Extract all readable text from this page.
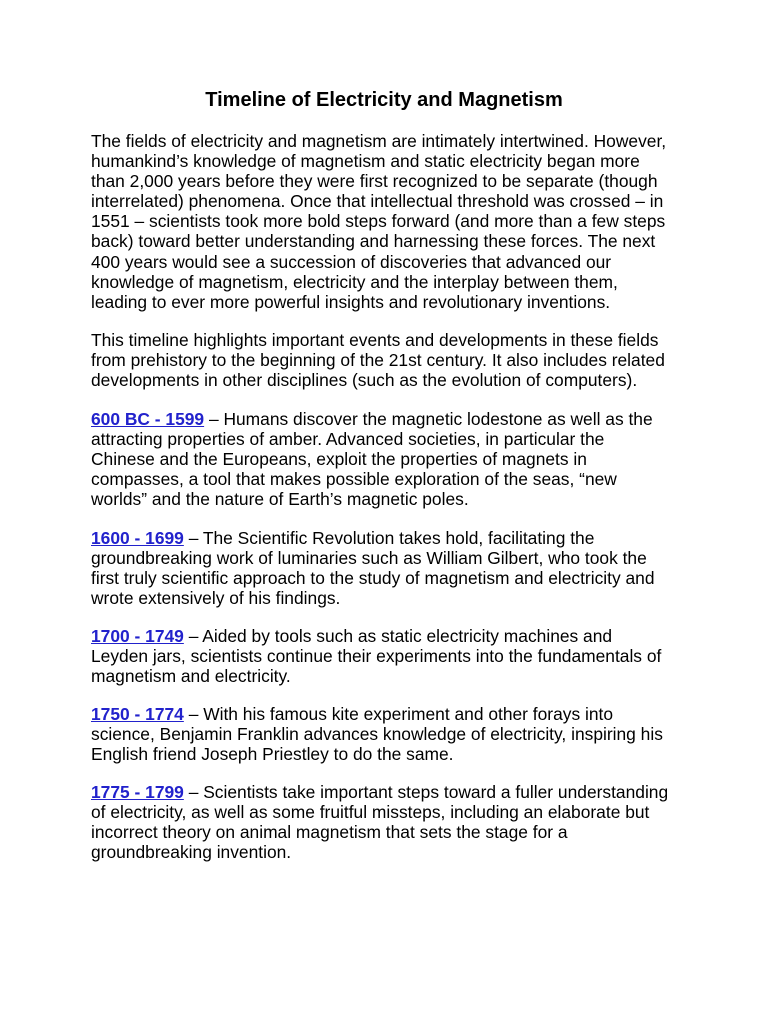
Timeline of Electricity and Magnetism
The fields of electricity and magnetism are intimately intertwined. However,
humankind’s knowledge of magnetism and static electricity began more
than 2,000 years before they were first recognized to be separate (though
interrelated) phenomena. Once that intellectual threshold was crossed – in
1551 – scientists took more bold steps forward (and more than a few steps
back) toward better understanding and harnessing these forces. The next
400 years would see a succession of discoveries that advanced our
knowledge of magnetism, electricity and the interplay between them,
leading to ever more powerful insights and revolutionary inventions.
This timeline highlights important events and developments in these fields
from prehistory to the beginning of the 21st century. It also includes related
developments in other disciplines (such as the evolution of computers).
600 BC - 1599 – Humans discover the magnetic lodestone as well as the
attracting properties of amber. Advanced societies, in particular the
Chinese and the Europeans, exploit the properties of magnets in
compasses, a tool that makes possible exploration of the seas, “new
worlds” and the nature of Earth’s magnetic poles.
1600 - 1699 – The Scientific Revolution takes hold, facilitating the
groundbreaking work of luminaries such as William Gilbert, who took the
first truly scientific approach to the study of magnetism and electricity and
wrote extensively of his findings.
1700 - 1749 – Aided by tools such as static electricity machines and
Leyden jars, scientists continue their experiments into the fundamentals of
magnetism and electricity.
1750 - 1774 – With his famous kite experiment and other forays into
science, Benjamin Franklin advances knowledge of electricity, inspiring his
English friend Joseph Priestley to do the same.
1775 - 1799 – Scientists take important steps toward a fuller understanding
of electricity, as well as some fruitful missteps, including an elaborate but
incorrect theory on animal magnetism that sets the stage for a
groundbreaking invention.
